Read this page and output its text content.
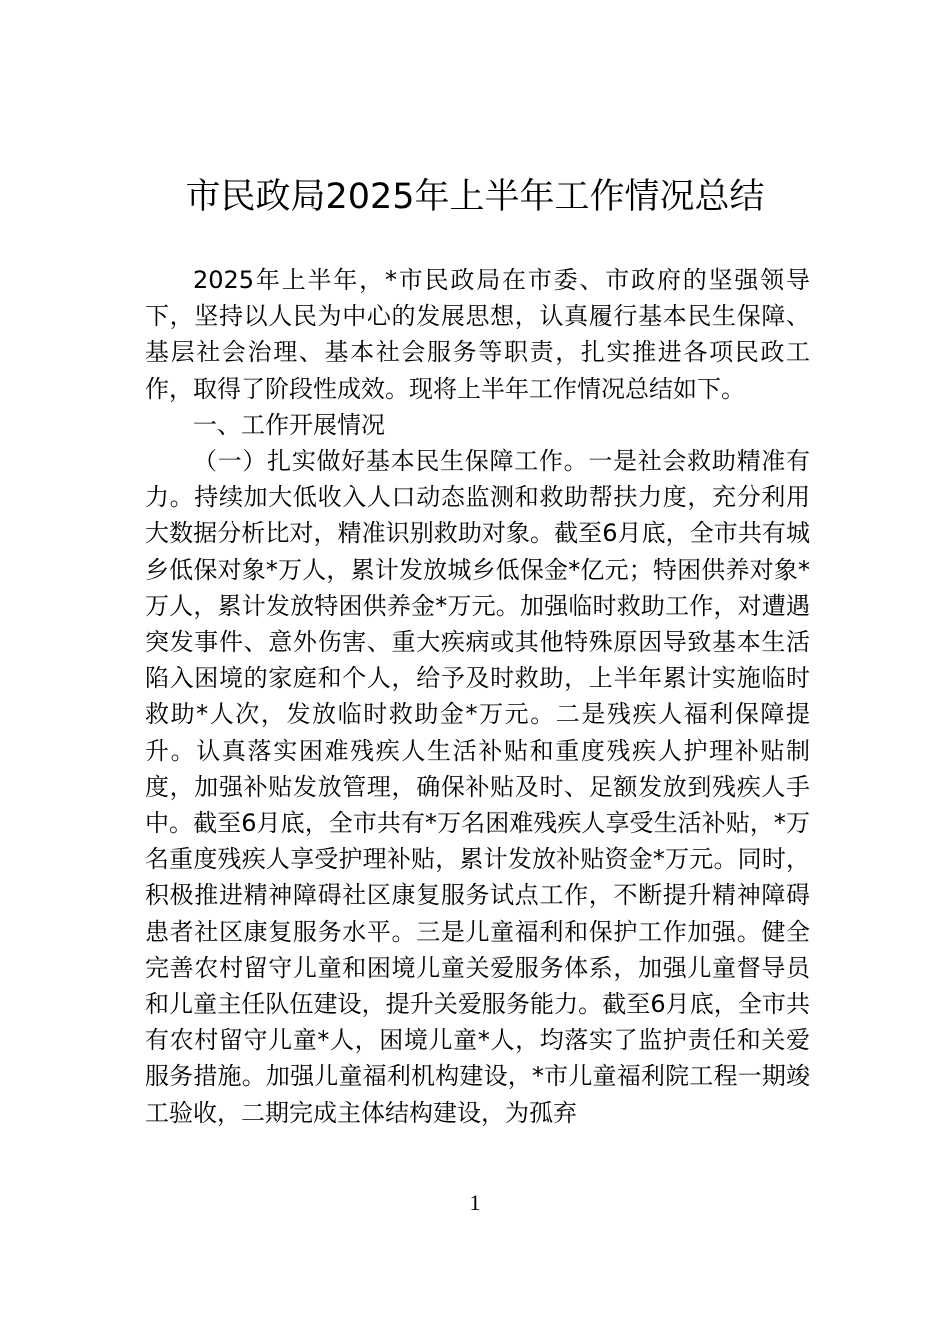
市民政局2025年上半年工作情况总结

2025年上半年，*市民政局在市委、市政府的坚强领导下，坚持以人民为中心的发展思想，认真履行基本民生保障、基层社会治理、基本社会服务等职责，扎实推进各项民政工作，取得了阶段性成效。现将上半年工作情况总结如下。

一、工作开展情况

（一）扎实做好基本民生保障工作。一是社会救助精准有力。持续加大低收入人口动态监测和救助帮扶力度，充分利用大数据分析比对，精准识别救助对象。截至6月底，全市共有城乡低保对象*万人，累计发放城乡低保金*亿元；特困供养对象*万人，累计发放特困供养金*万元。加强临时救助工作，对遭遇突发事件、意外伤害、重大疾病或其他特殊原因导致基本生活陷入困境的家庭和个人，给予及时救助，上半年累计实施临时救助*人次，发放临时救助金*万元。二是残疾人福利保障提升。认真落实困难残疾人生活补贴和重度残疾人护理补贴制度，加强补贴发放管理，确保补贴及时、足额发放到残疾人手中。截至6月底，全市共有*万名困难残疾人享受生活补贴，*万名重度残疾人享受护理补贴，累计发放补贴资金*万元。同时，积极推进精神障碍社区康复服务试点工作，不断提升精神障碍患者社区康复服务水平。三是儿童福利和保护工作加强。健全完善农村留守儿童和困境儿童关爱服务体系，加强儿童督导员和儿童主任队伍建设，提升关爱服务能力。截至6月底，全市共有农村留守儿童*人，困境儿童*人，均落实了监护责任和关爱服务措施。加强儿童福利机构建设，*市儿童福利院工程一期竣工验收，二期完成主体结构建设，为孤弃

1
